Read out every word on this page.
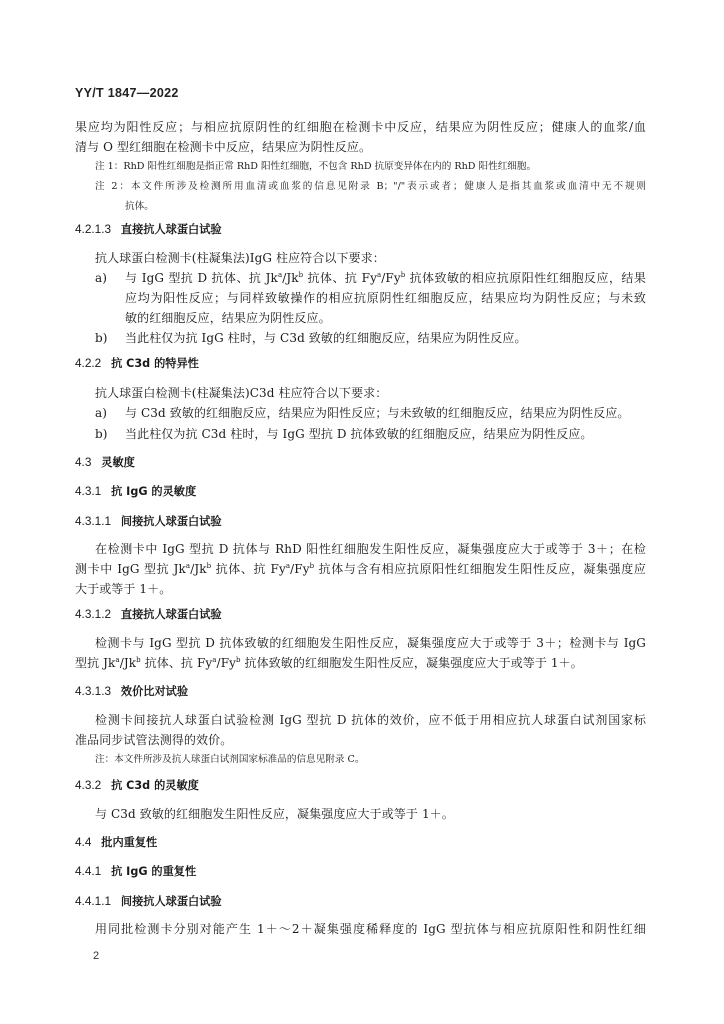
YY/T 1847—2022
果应均为阳性反应；与相应抗原阴性的红细胞在检测卡中反应，结果应为阴性反应；健康人的血浆/血
清与 O 型红细胞在检测卡中反应，结果应为阴性反应。
注 1：RhD 阳性红细胞是指正常 RhD 阳性红细胞，不包含 RhD 抗原变异体在内的 RhD 阳性红细胞。
注 2：本文件所涉及检测所用血清或血浆的信息见附录 B；"/"表示或者；健康人是指其血浆或血清中无不规则
抗体。
4.2.1.3 直接抗人球蛋白试验
抗人球蛋白检测卡(柱凝集法)IgG 柱应符合以下要求：
a)	与 IgG 型抗 D 抗体、抗 Jk$^a$/Jk$^b$ 抗体、抗 Fy$^a$/Fy$^b$ 抗体致敏的相应抗原阳性红细胞反应，结果
应均为阳性反应；与同样致敏操作的相应抗原阴性红细胞反应，结果应均为阴性反应；与未致
敏的红细胞反应，结果应为阴性反应。
b)	当此柱仅为抗 IgG 柱时，与 C3d 致敏的红细胞反应，结果应为阴性反应。
4.2.2 抗 C3d 的特异性
抗人球蛋白检测卡(柱凝集法)C3d 柱应符合以下要求：
a)	与 C3d 致敏的红细胞反应，结果应为阳性反应；与未致敏的红细胞反应，结果应为阴性反应。
b)	当此柱仅为抗 C3d 柱时，与 IgG 型抗 D 抗体致敏的红细胞反应，结果应为阴性反应。
4.3 灵敏度
4.3.1 抗 IgG 的灵敏度
4.3.1.1 间接抗人球蛋白试验
在检测卡中 IgG 型抗 D 抗体与 RhD 阳性红细胞发生阳性反应，凝集强度应大于或等于 3＋；在检
测卡中 IgG 型抗 Jk$^a$/Jk$^b$ 抗体、抗 Fy$^a$/Fy$^b$ 抗体与含有相应抗原阳性红细胞发生阳性反应，凝集强度应
大于或等于 1＋。
4.3.1.2 直接抗人球蛋白试验
检测卡与 IgG 型抗 D 抗体致敏的红细胞发生阳性反应，凝集强度应大于或等于 3＋；检测卡与 IgG
型抗 Jk$^a$/Jk$^b$ 抗体、抗 Fy$^a$/Fy$^b$ 抗体致敏的红细胞发生阳性反应，凝集强度应大于或等于 1＋。
4.3.1.3 效价比对试验
检测卡间接抗人球蛋白试验检测 IgG 型抗 D 抗体的效价，应不低于用相应抗人球蛋白试剂国家标
准品同步试管法测得的效价。
注：本文件所涉及抗人球蛋白试剂国家标准品的信息见附录 C。
4.3.2 抗 C3d 的灵敏度
与 C3d 致敏的红细胞发生阳性反应，凝集强度应大于或等于 1＋。
4.4 批内重复性
4.4.1 抗 IgG 的重复性
4.4.1.1 间接抗人球蛋白试验
用同批检测卡分别对能产生 1＋～2＋凝集强度稀释度的 IgG 型抗体与相应抗原阳性和阴性红细
2
